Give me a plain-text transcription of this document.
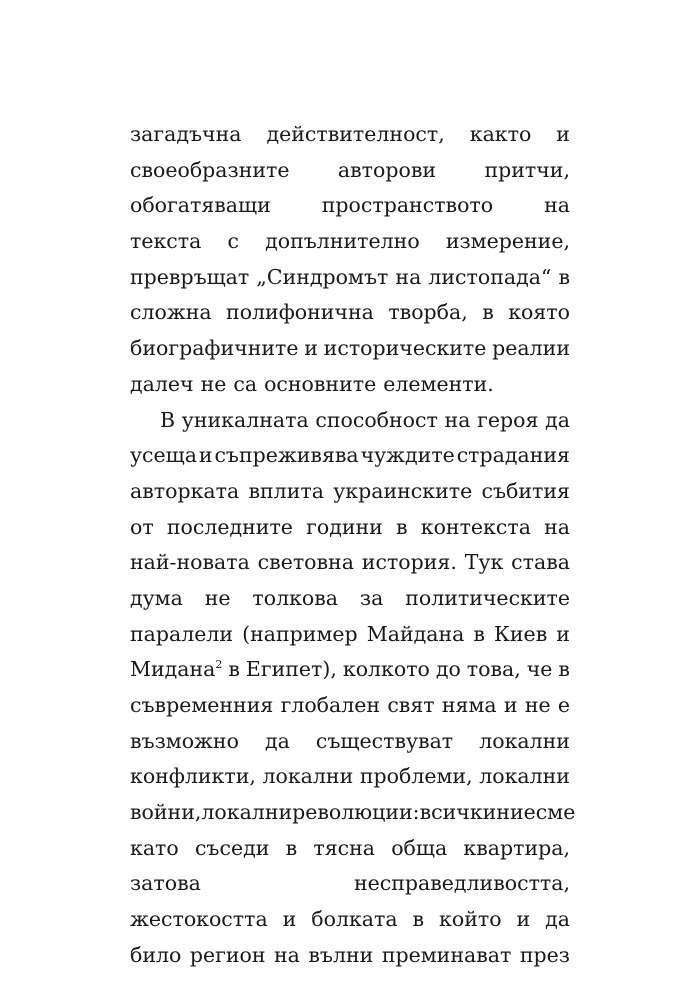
загадъчна действителност, както и
своеобразните авторови притчи,
обогатяващи пространството на
текста с допълнително измерение,
превръщат „Синдромът на листопада“ в
сложна полифонична творба, в която
биографичните и историческите реалии
далеч не са основните елементи.
В уникалната способност на героя да
усеща и съпреживява чуждите страдания
авторката вплита украинските събития
от последните години в контекста на
най-новата световна история. Тук става
дума не толкова за политическите
паралели (например Майдана в Киев и
Мидана$^2$ в Египет), колкото до това, че в
съвременния глобален свят няма и не е
възможно да съществуват локални
конфликти, локални проблеми, локални
войни, локални революции: всички ние сме
като съседи в тясна обща квартира,
затова	несправедливостта,
жестокостта и болката в който и да
било регион на вълни преминават през
